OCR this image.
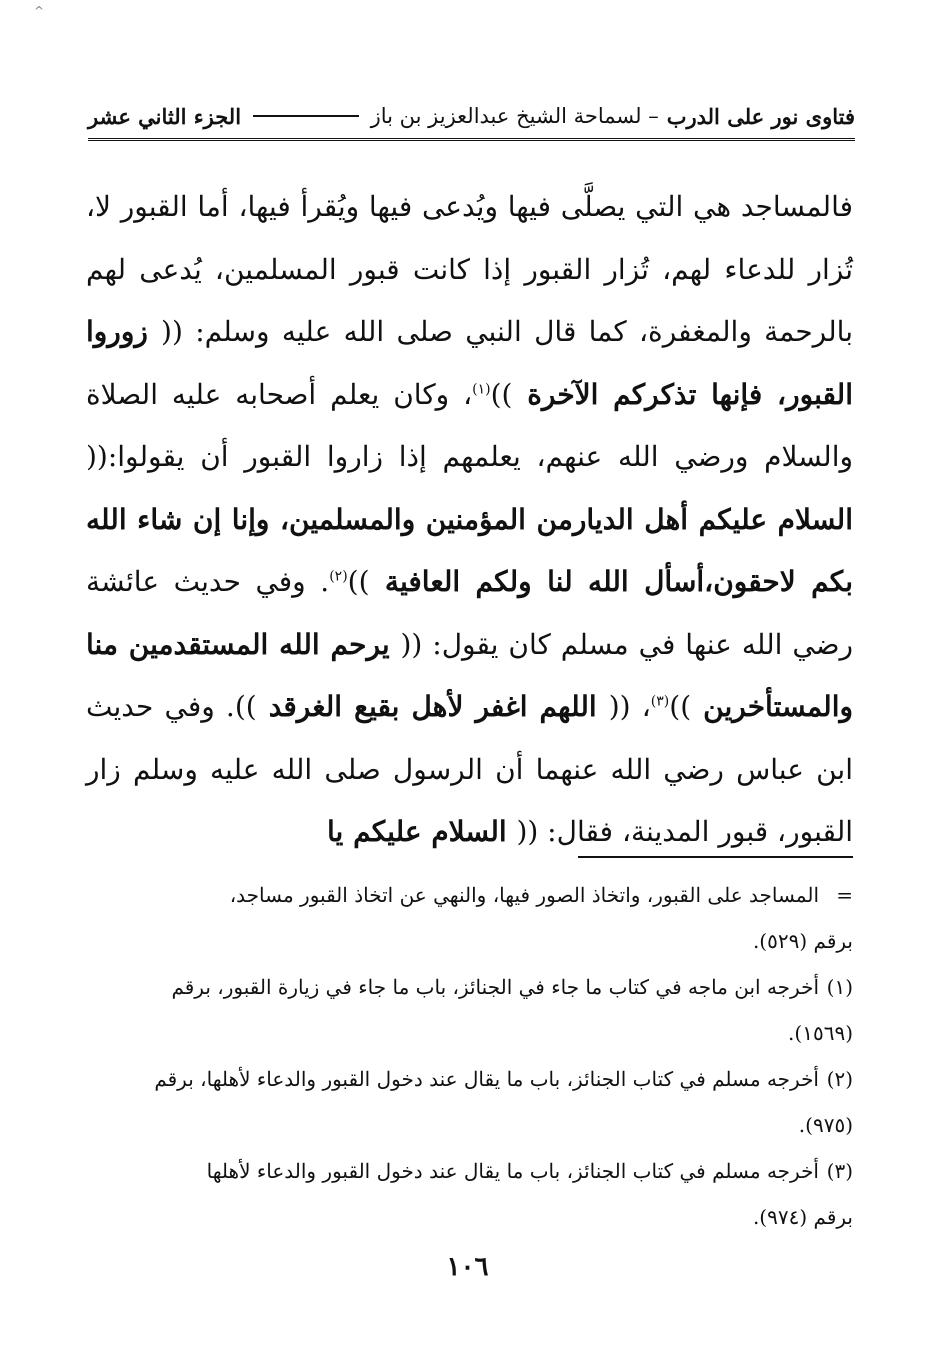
^
فتاوى نور على الدرب
– لسماحة الشيخ عبدالعزيز بن باز
الجزء الثاني عشر
فالمساجد هي التي يصلَّى فيها ويُدعى فيها ويُقرأ فيها، أما القبور لا، تُزار للدعاء لهم، تُزار القبور إذا كانت قبور المسلمين، يُدعى لهم بالرحمة والمغفرة، كما قال النبي صلى الله عليه وسلم: (( زوروا القبور، فإنها تذكركم الآخرة ))$^{(١)}$، وكان يعلم أصحابه عليه الصلاة والسلام ورضي الله عنهم، يعلمهم إذا زاروا القبور أن يقولوا:(( السلام عليكم أهل الديارمن المؤمنين والمسلمين، وإنا إن شاء الله بكم لاحقون،أسأل الله لنا ولكم العافية ))$^{(٢)}$. وفي حديث عائشة رضي الله عنها في مسلم كان يقول: (( يرحم الله المستقدمين منا والمستأخرين ))$^{(٣)}$، (( اللهم اغفر لأهل بقيع الغرقد )). وفي حديث ابن عباس رضي الله عنهما أن الرسول صلى الله عليه وسلم زار القبور، قبور المدينة، فقال: (( السلام عليكم يا

=المساجد على القبور، واتخاذ الصور فيها، والنهي عن اتخاذ القبور مساجد،
برقم (٥٢٩).

(١)أخرجه ابن ماجه في كتاب ما جاء في الجنائز، باب ما جاء في زيارة القبور، برقم
(١٥٦٩).

(٢)أخرجه مسلم في كتاب الجنائز، باب ما يقال عند دخول القبور والدعاء لأهلها، برقم
(٩٧٥).

(٣)أخرجه مسلم في كتاب الجنائز، باب ما يقال عند دخول القبور والدعاء لأهلها
برقم (٩٧٤).

١٠٦
